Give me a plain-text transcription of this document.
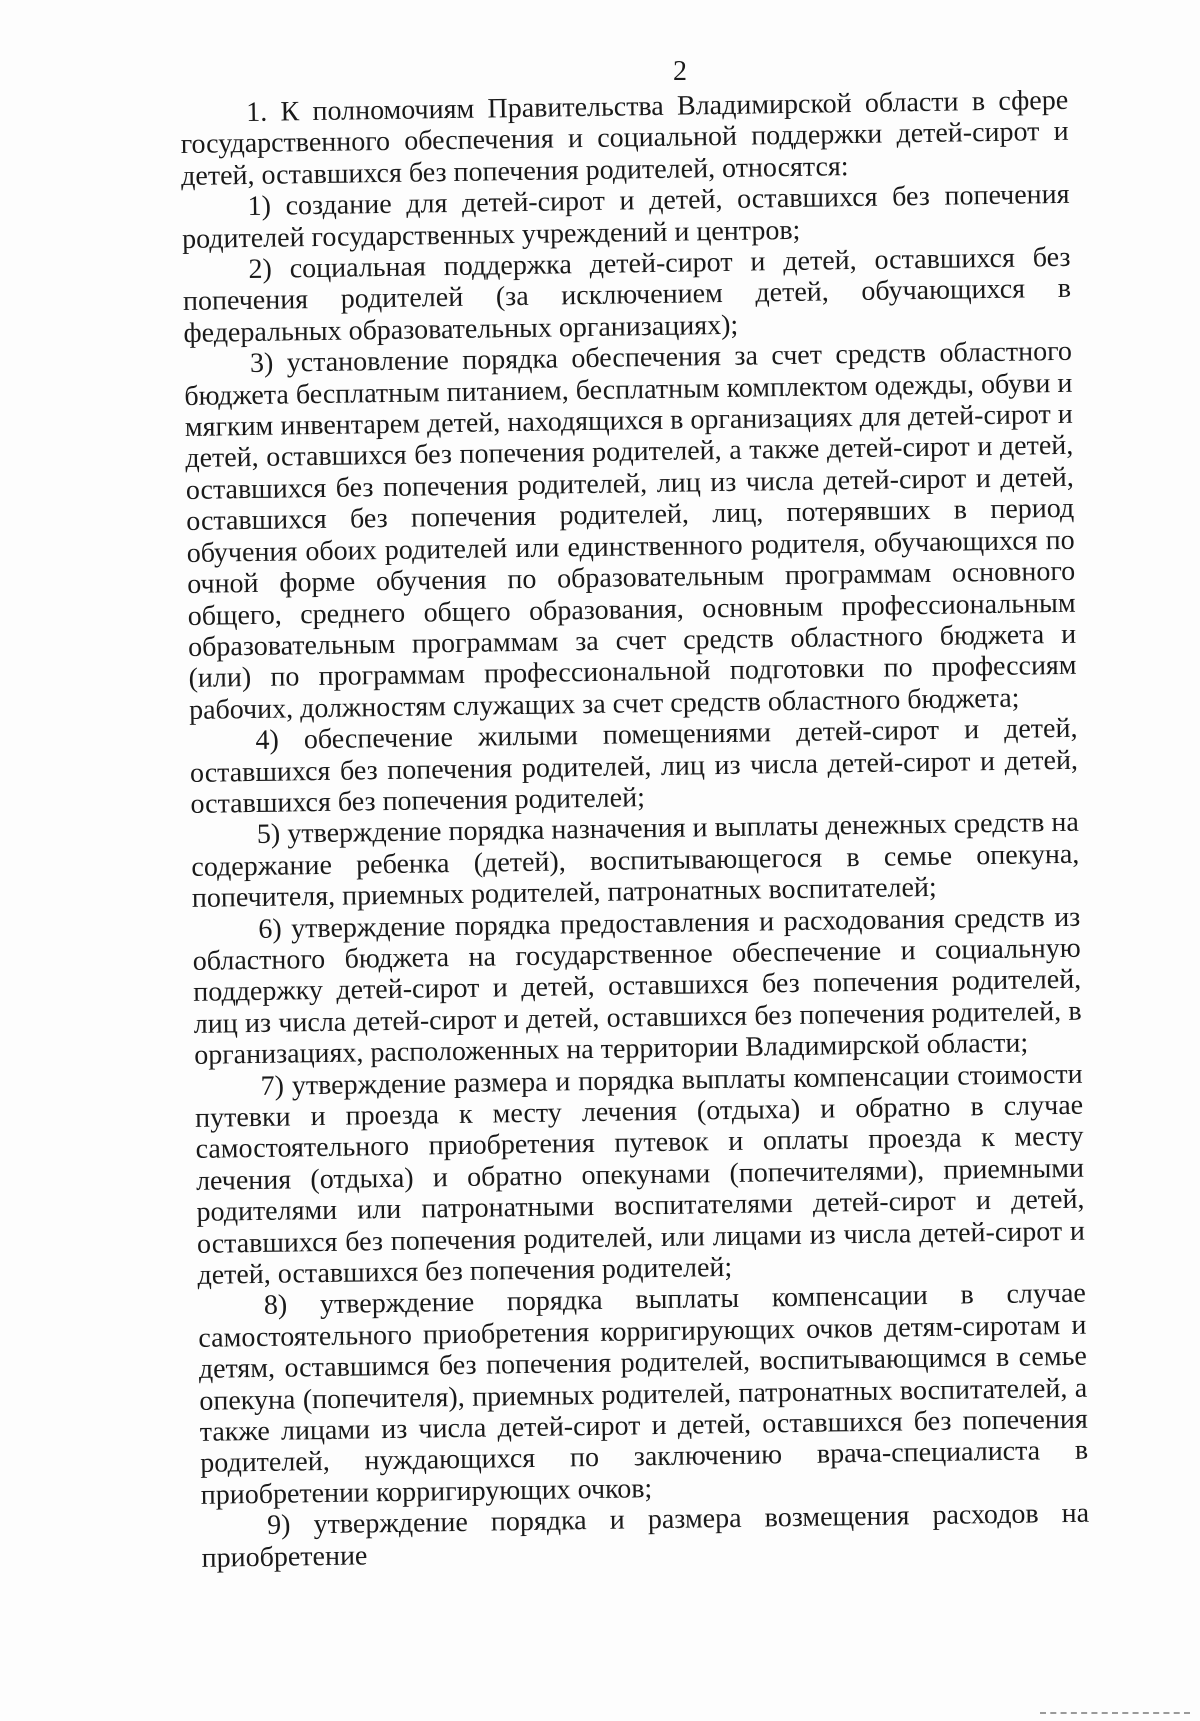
2

1. К полномочиям Правительства Владимирской области в сфере государственного обеспечения и социальной поддержки детей-сирот и детей, оставшихся без попечения родителей, относятся:

1) создание для детей-сирот и детей, оставшихся без попечения родителей государственных учреждений и центров;

2) социальная поддержка детей-сирот и детей, оставшихся без попечения родителей (за исключением детей, обучающихся в федеральных образовательных организациях);

3) установление порядка обеспечения за счет средств областного бюджета бесплатным питанием, бесплатным комплектом одежды, обуви и мягким инвентарем детей, находящихся в организациях для детей-сирот и детей, оставшихся без попечения родителей, а также детей-сирот и детей, оставшихся без попечения родителей, лиц из числа детей-сирот и детей, оставшихся без попечения родителей, лиц, потерявших в период обучения обоих родителей или единственного родителя, обучающихся по очной форме обучения по образовательным программам основного общего, среднего общего образования, основным профессиональным образовательным программам за счет средств областного бюджета и (или) по программам профессиональной подготовки по профессиям рабочих, должностям служащих за счет средств областного бюджета;

4) обеспечение жилыми помещениями детей-сирот и детей, оставшихся без попечения родителей, лиц из числа детей-сирот и детей, оставшихся без попечения родителей;

5) утверждение порядка назначения и выплаты денежных средств на содержание ребенка (детей), воспитывающегося в семье опекуна, попечителя, приемных родителей, патронатных воспитателей;

6) утверждение порядка предоставления и расходования средств из областного бюджета на государственное обеспечение и социальную поддержку детей-сирот и детей, оставшихся без попечения родителей, лиц из числа детей-сирот и детей, оставшихся без попечения родителей, в организациях, расположенных на территории Владимирской области;

7) утверждение размера и порядка выплаты компенсации стоимости путевки и проезда к месту лечения (отдыха) и обратно в случае самостоятельного приобретения путевок и оплаты проезда к месту лечения (отдыха) и обратно опекунами (попечителями), приемными родителями или патронатными воспитателями детей-сирот и детей, оставшихся без попечения родителей, или лицами из числа детей-сирот и детей, оставшихся без попечения родителей;

8) утверждение порядка выплаты компенсации в случае самостоятельного приобретения корригирующих очков детям-сиротам и детям, оставшимся без попечения родителей, воспитывающимся в семье опекуна (попечителя), приемных родителей, патронатных воспитателей, а также лицами из числа детей-сирот и детей, оставшихся без попечения родителей, нуждающихся по заключению врача-специалиста в приобретении корригирующих очков;

9) утверждение порядка и размера возмещения расходов на приобретение
